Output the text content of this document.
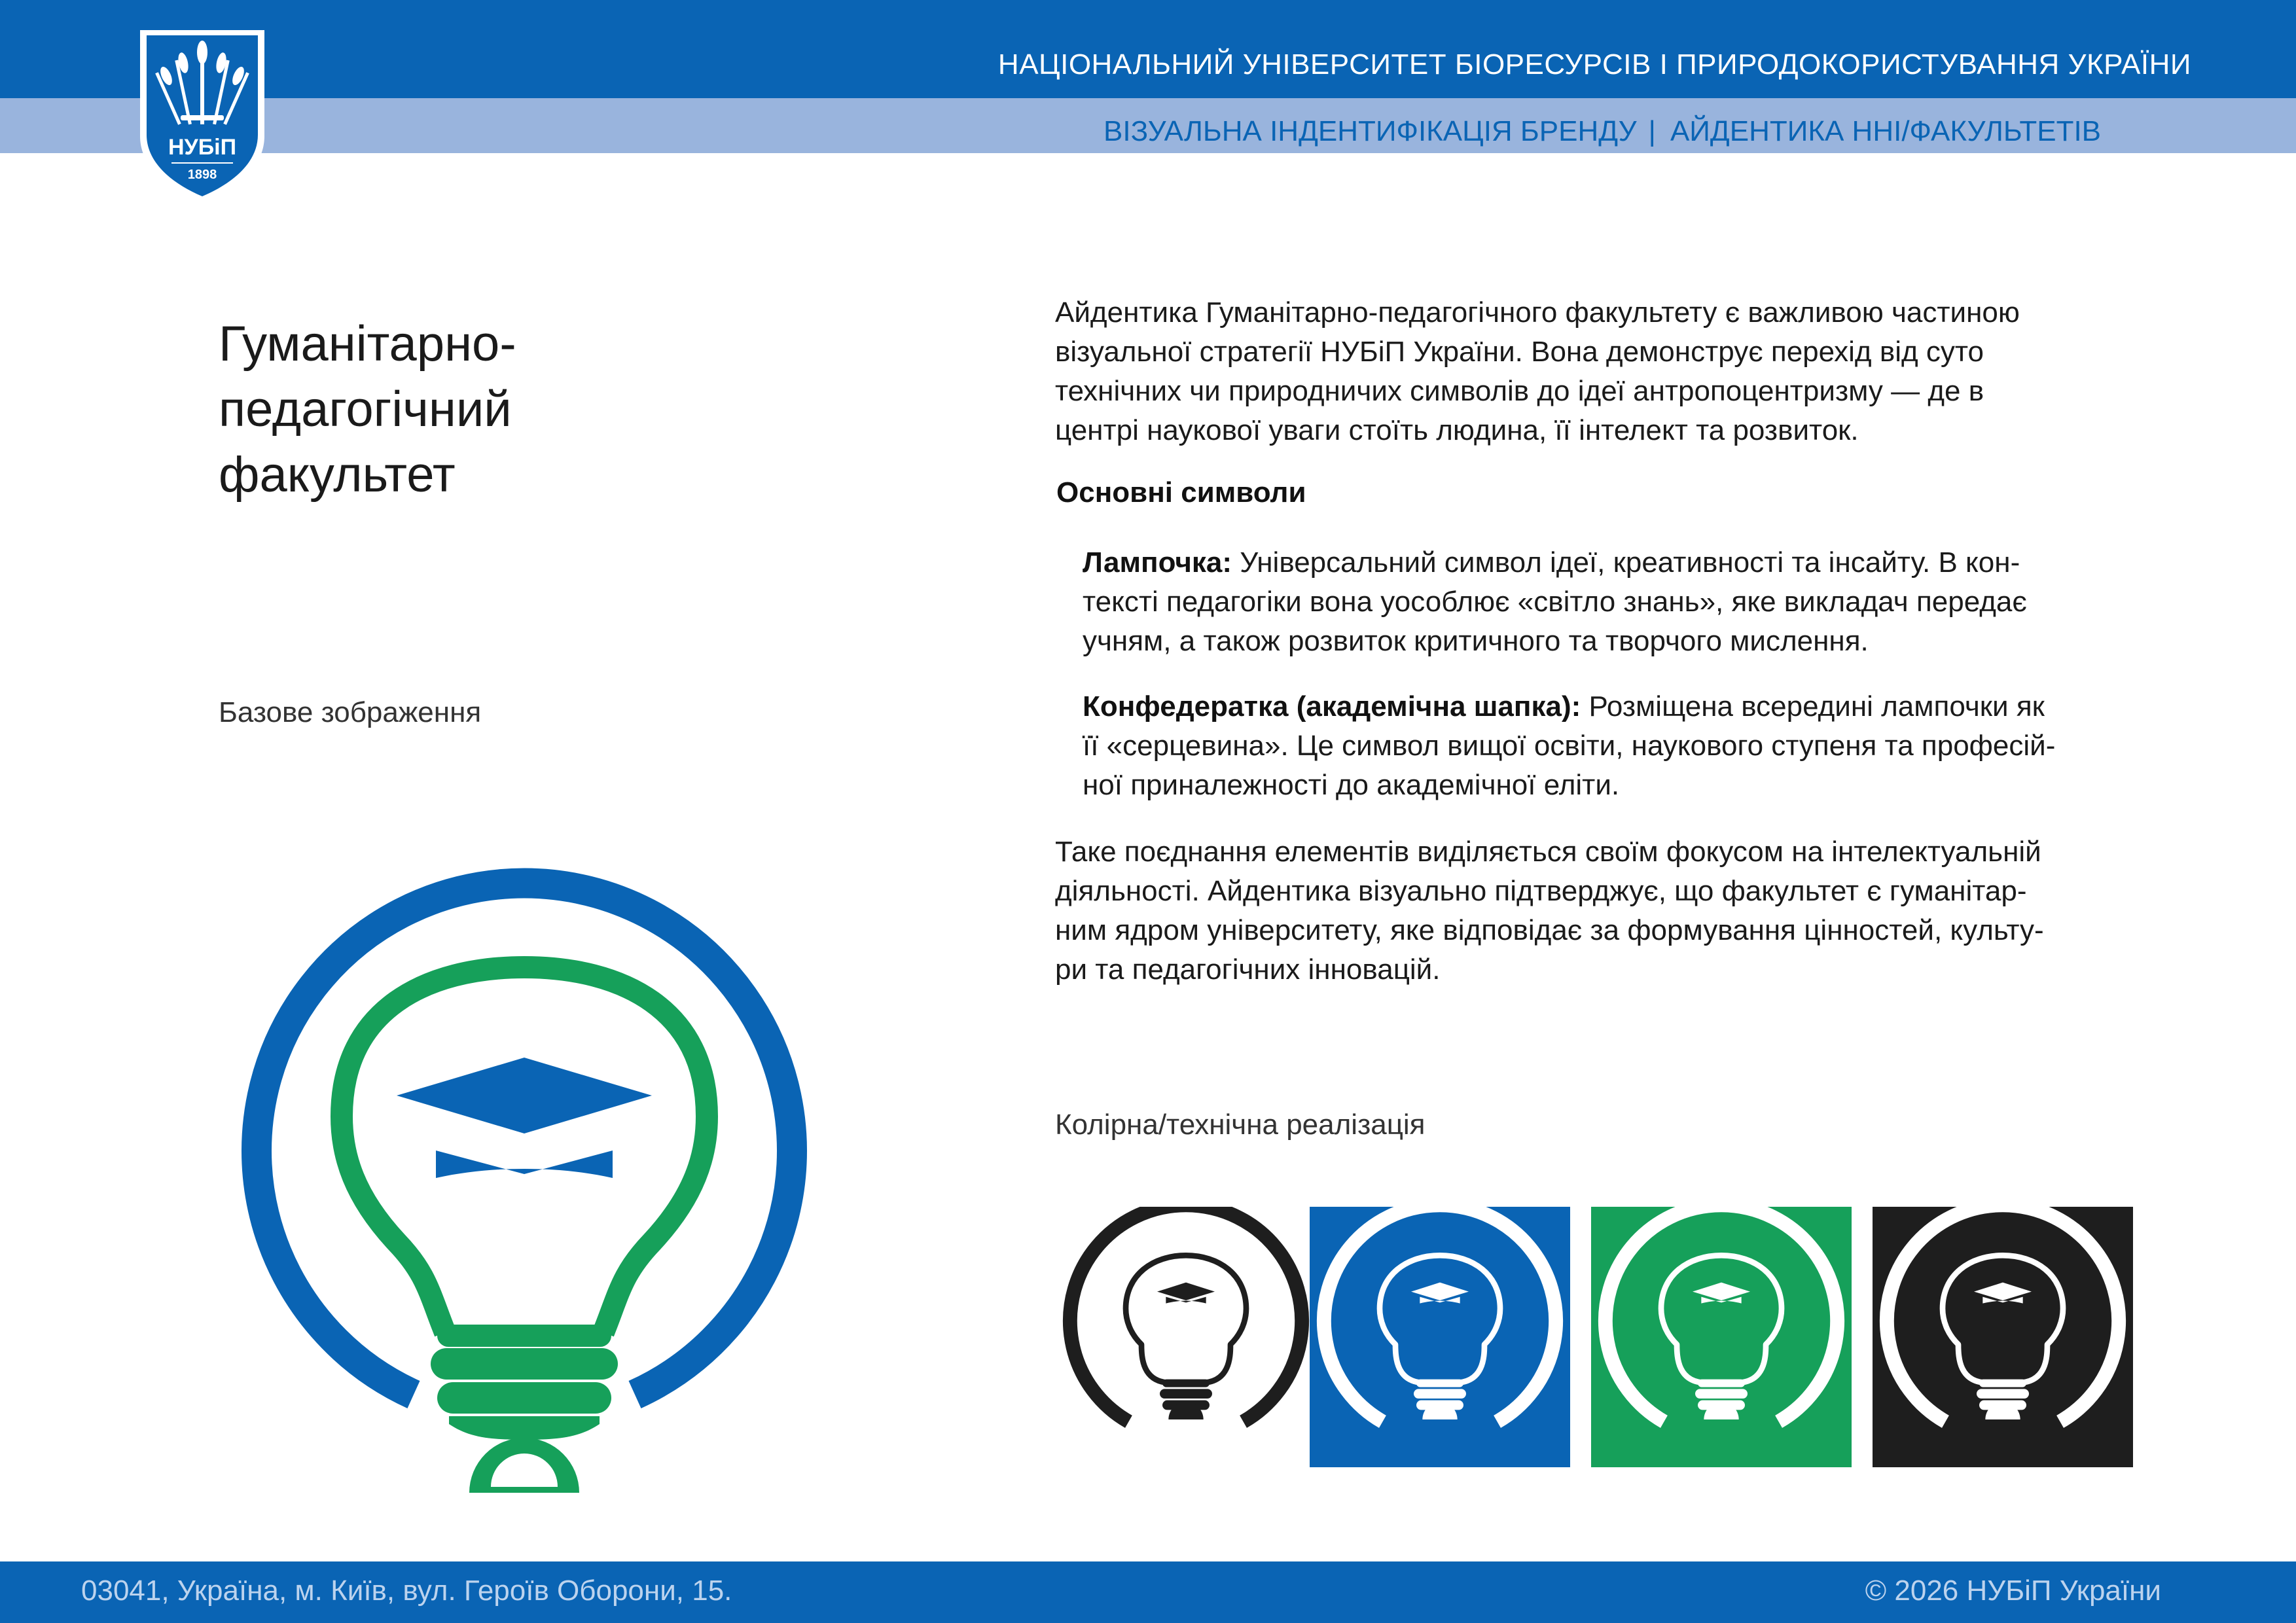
НУБіП
1898
НАЦІОНАЛЬНИЙ УНІВЕРСИТЕТ БІОРЕСУРСІВ І ПРИРОДОКОРИСТУВАННЯ УКРАЇНИ
ВІЗУАЛЬНА ІНДЕНТИФІКАЦІЯ БРЕНДУ | АЙДЕНТИКА ННІ/ФАКУЛЬТЕТІВ
Гуманітарно-
педагогічний
факультет
Базове зображення
Айдентика Гуманітарно-педагогічного факультету є важливою частиною
візуальної стратегії НУБіП України. Вона демонструє перехід від суто
технічних чи природничих символів до ідеї антропоцентризму — де в
центрі наукової уваги стоїть людина, її інтелект та розвиток.
Основні символи
Лампочка: Універсальний символ ідеї, креативності та інсайту. В кон-
тексті педагогіки вона уособлює «світло знань», яке викладач передає
учням, а також розвиток критичного та творчого мислення.
Конфедератка (академічна шапка): Розміщена всередині лампочки як
її «серцевина». Це символ вищої освіти, наукового ступеня та професій-
ної приналежності до академічної еліти.
Таке поєднання елементів виділяється своїм фокусом на інтелектуальній
діяльності. Айдентика візуально підтверджує, що факультет є гуманітар-
ним ядром університету, яке відповідає за формування цінностей, культу-
ри та педагогічних інновацій.
Колірна/технічна реалізація
03041, Україна, м. Київ, вул. Героїв Оборони, 15.	© 2026 НУБіП України
